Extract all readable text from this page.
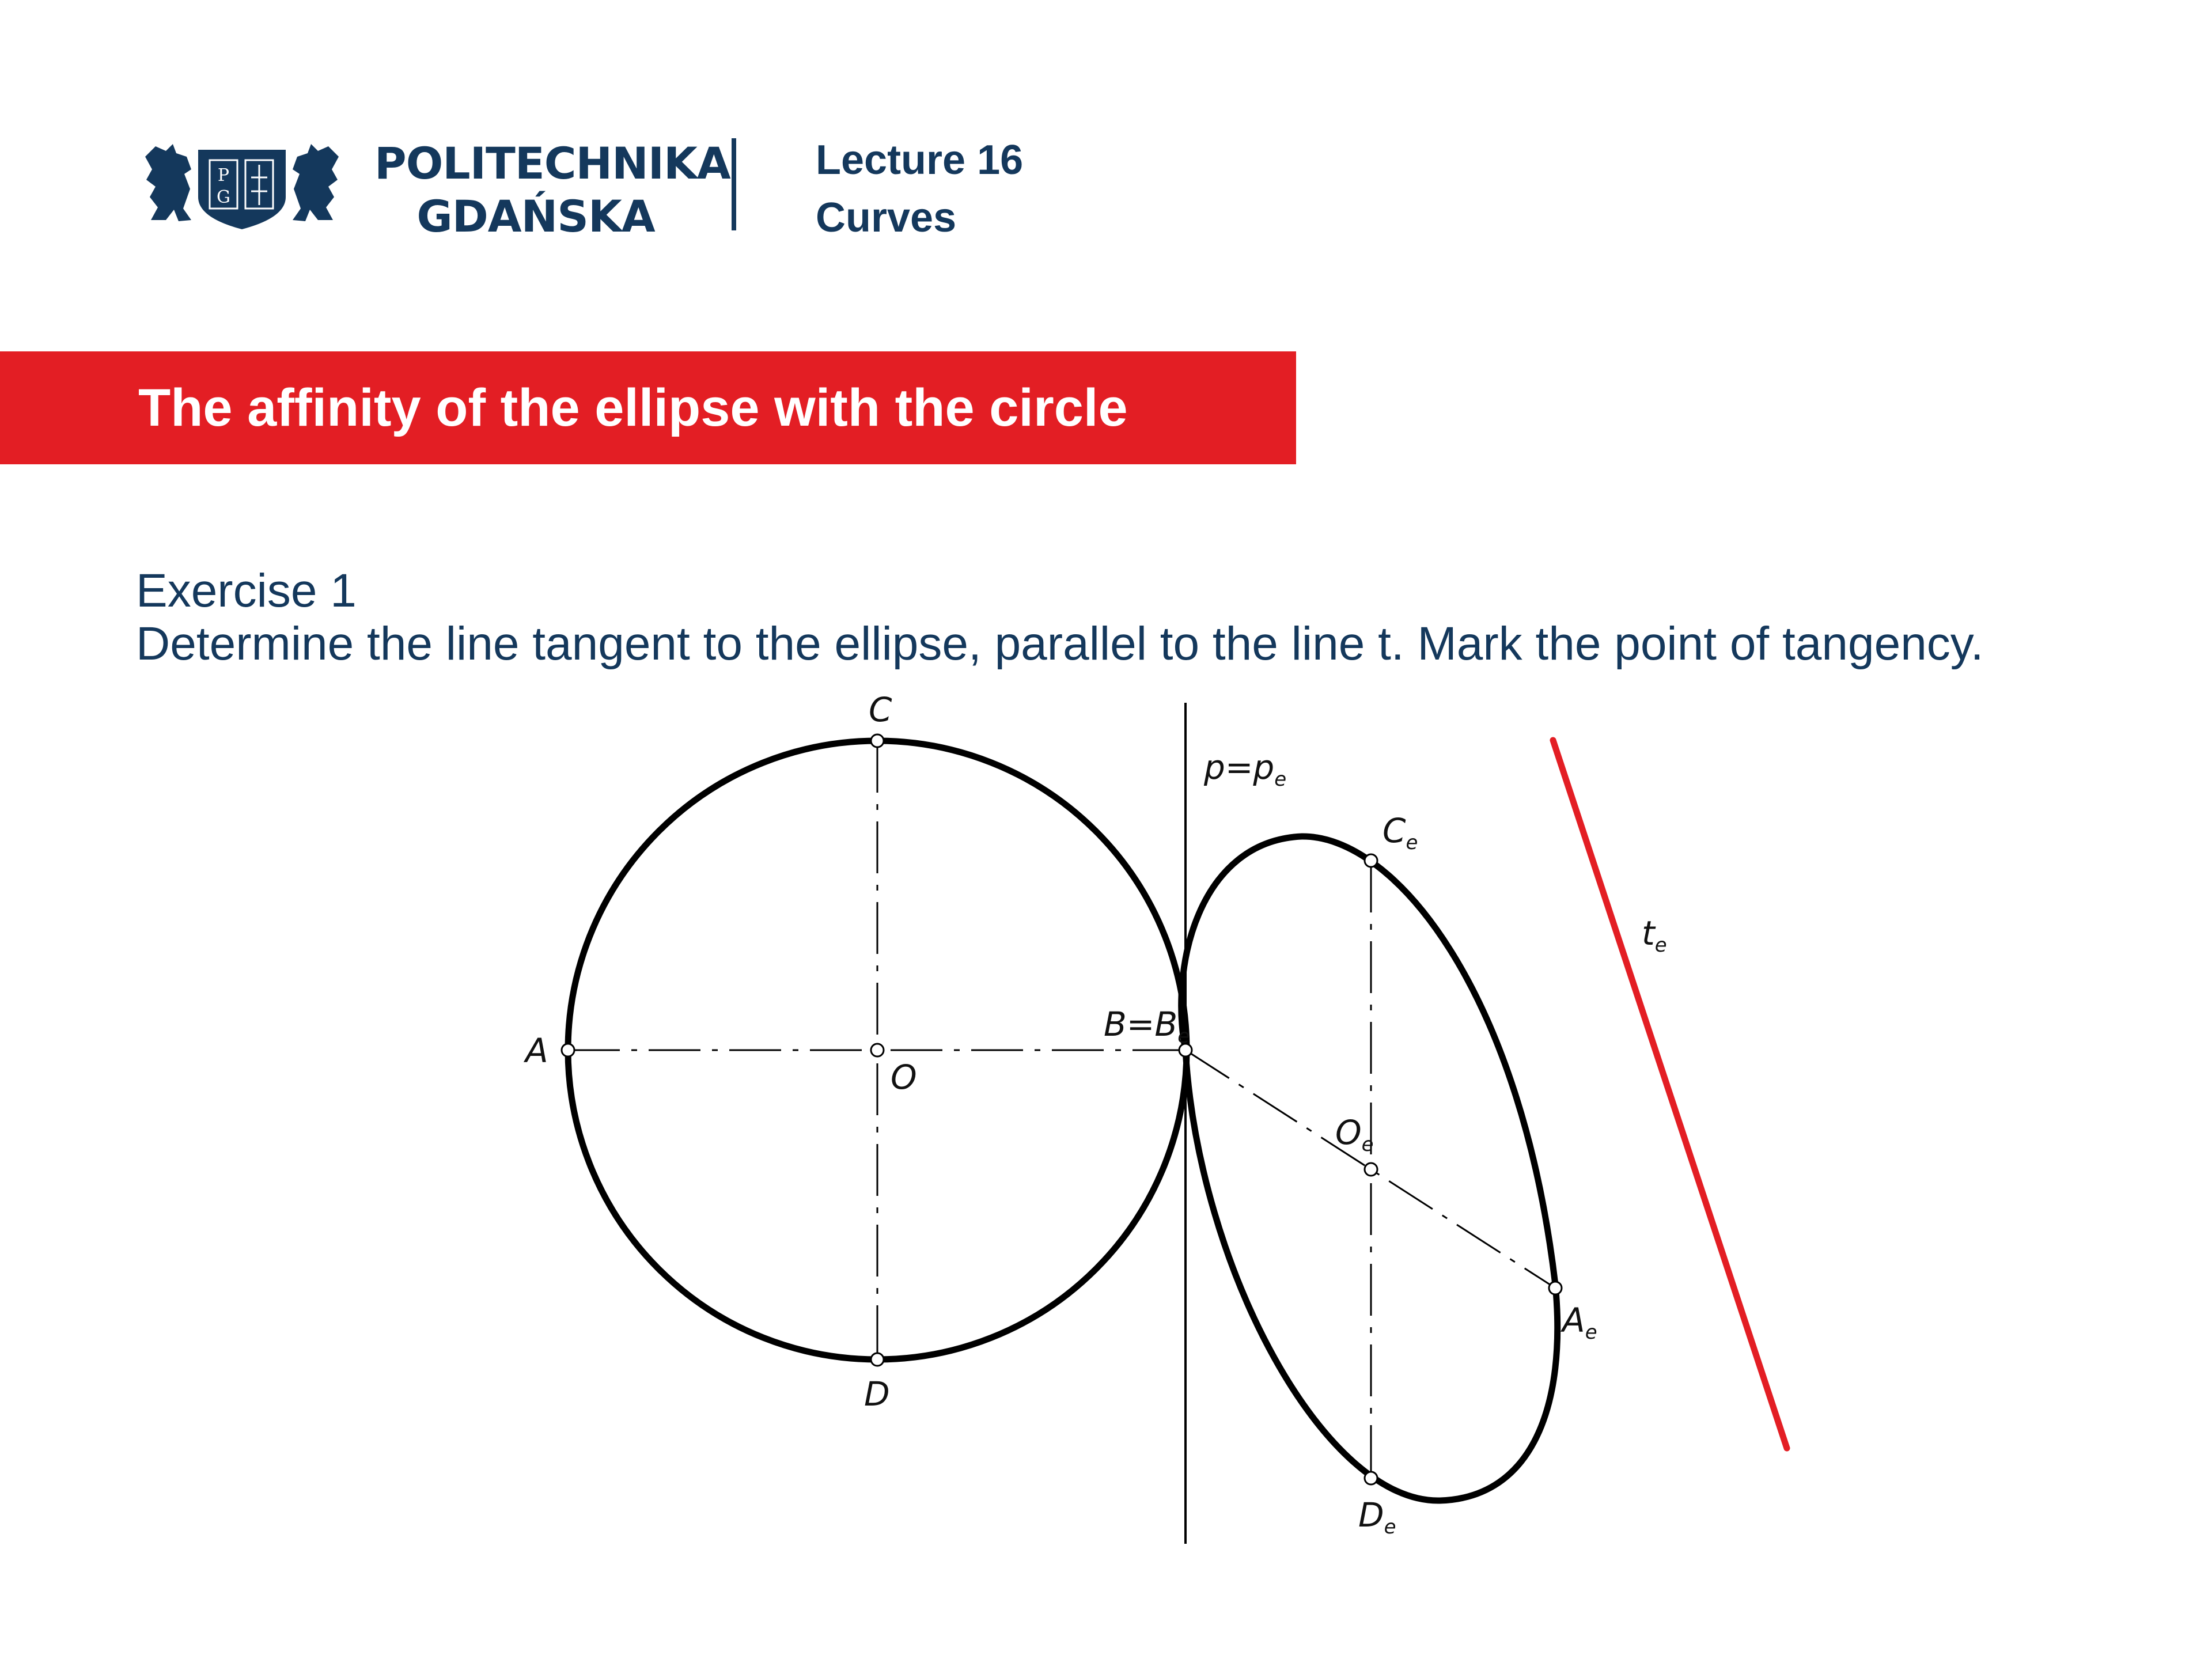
P
G
POLITECHNIKA
GDAŃSKA
Lecture 16
Curves
The affinity of the ellipse with the circle
Exercise 1
Determine the line tangent to the ellipse, parallel to the line t. Mark the point of tangency.
C
A
O
D
$B=B_e$
$p=p_e$
$C_e$
$O_e$
$A_e$
$D_e$
$t_e$
